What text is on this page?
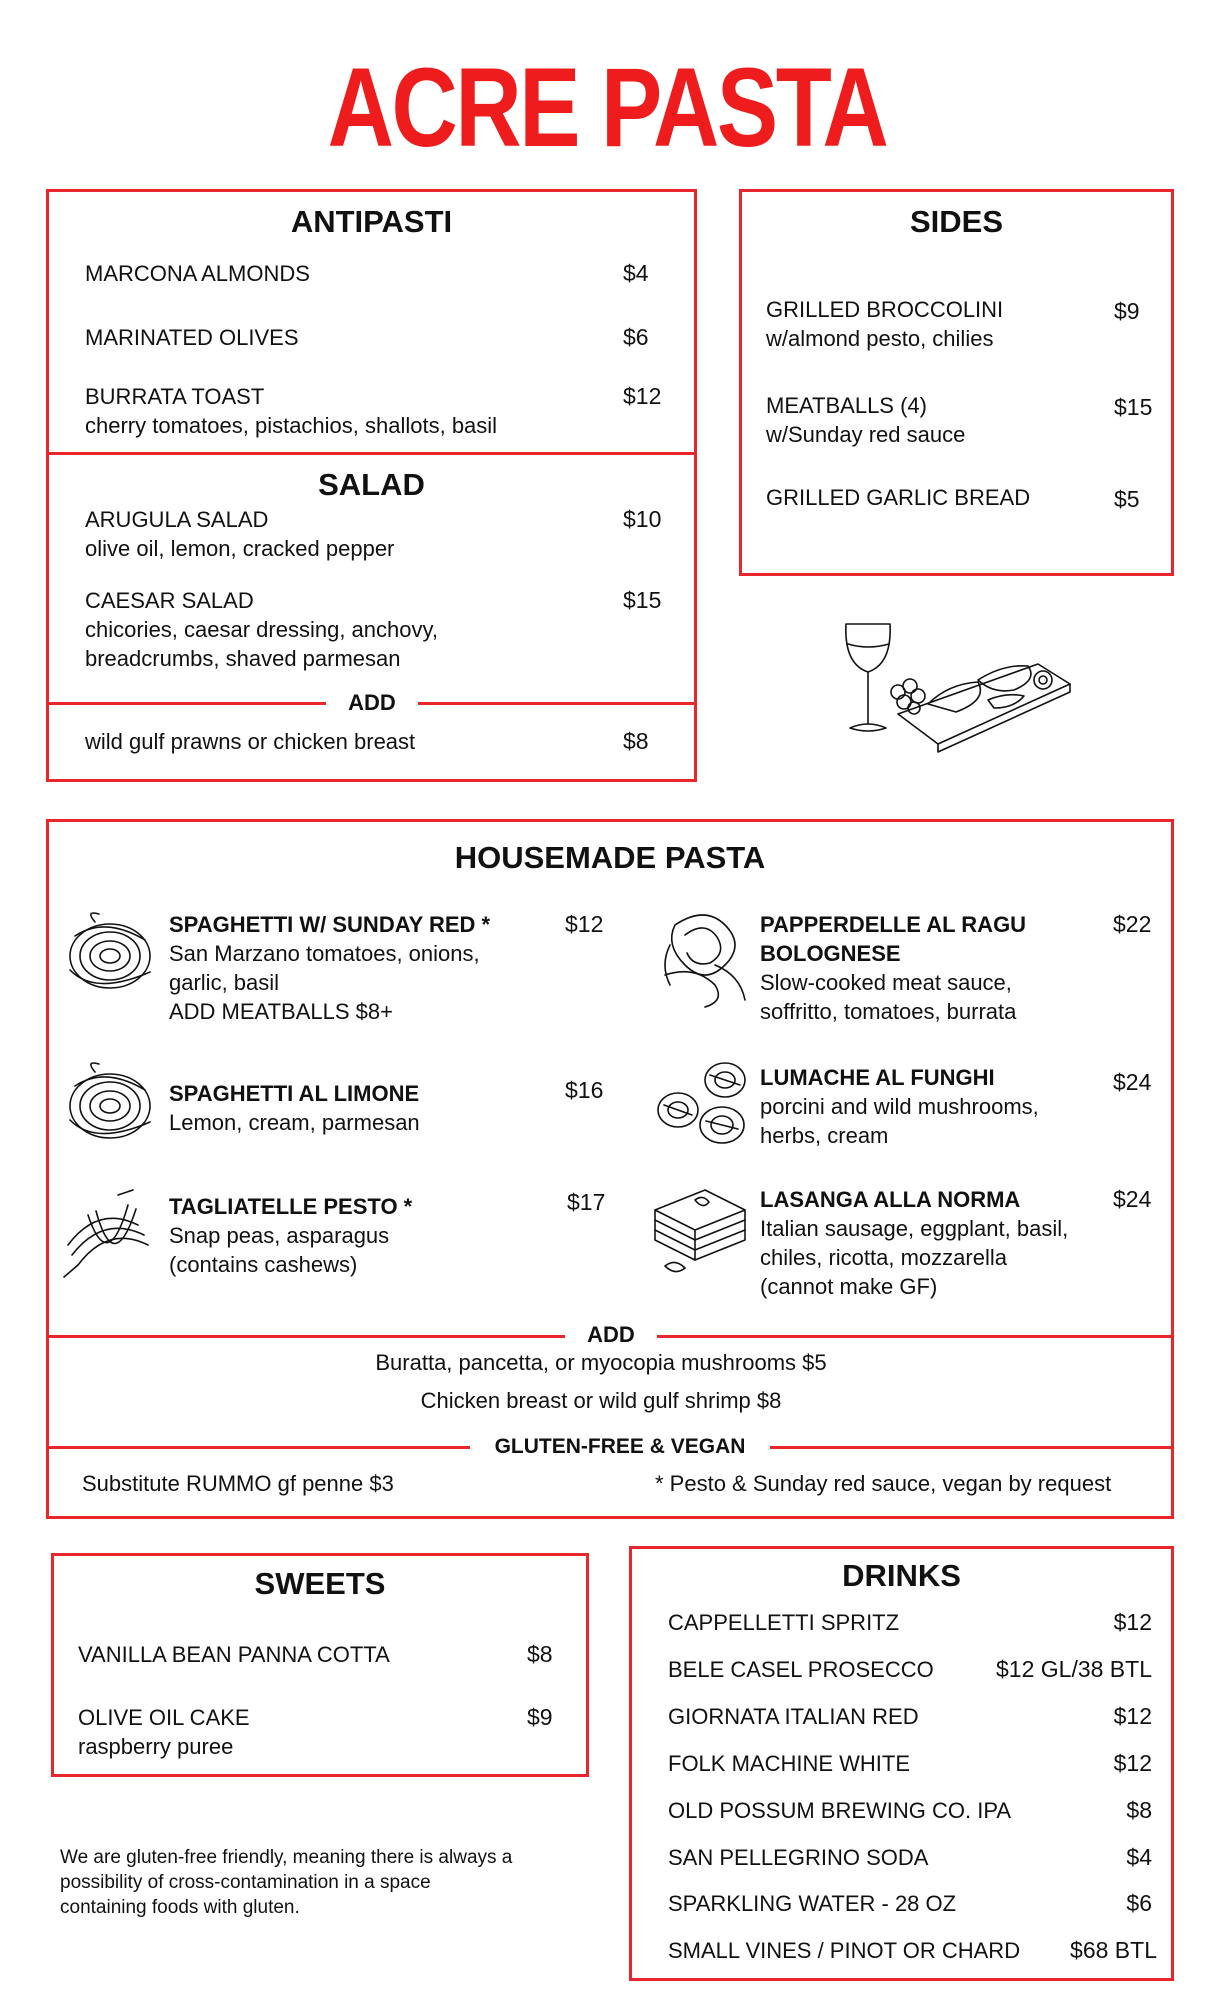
ACRE PASTA
ANTIPASTI
MARCONA ALMONDS	$4
MARINATED OLIVES	$6
BURRATA TOAST	$12
cherry tomatoes, pistachios, shallots, basil
SALAD
ARUGULA SALAD	$10
olive oil, lemon, cracked pepper
CAESAR SALAD	$15
chicories, caesar dressing, anchovy,
breadcrumbs, shaved parmesan
ADD
wild gulf prawns or chicken breast	$8
SIDES
GRILLED BROCCOLINI
w/almond pesto, chilies
$9
MEATBALLS (4)
w/Sunday red sauce
$15
GRILLED GARLIC BREAD	$5
HOUSEMADE PASTA
SPAGHETTI W/ SUNDAY RED *	$12
San Marzano tomatoes, onions,
garlic, basil
ADD MEATBALLS $8+
SPAGHETTI AL LIMONE	$16
Lemon, cream, parmesan
TAGLIATELLE PESTO *	$17
Snap peas, asparagus
(contains cashews)
PAPPERDELLE AL RAGU
BOLOGNESE
$22
Slow-cooked meat sauce,
soffritto, tomatoes, burrata
LUMACHE AL FUNGHI	$24
porcini and wild mushrooms,
herbs, cream
LASANGA ALLA NORMA	$24
Italian sausage, eggplant, basil,
chiles, ricotta, mozzarella
(cannot make GF)
ADD
Buratta, pancetta, or myocopia mushrooms $5
Chicken breast or wild gulf shrimp $8
GLUTEN-FREE & VEGAN
Substitute RUMMO gf penne $3	* Pesto & Sunday red sauce, vegan by request
SWEETS
VANILLA BEAN PANNA COTTA	$8
OLIVE OIL CAKE
raspberry puree
$9
We are gluten-free friendly, meaning there is always a
possibility of cross-contamination in a space
containing foods with gluten.
DRINKS
CAPPELLETTI SPRITZ	$12
BELE CASEL PROSECCO	$12 GL/38 BTL
GIORNATA ITALIAN RED	$12
FOLK MACHINE WHITE	$12
OLD POSSUM BREWING CO. IPA	$8
SAN PELLEGRINO SODA	$4
SPARKLING WATER - 28 OZ	$6
SMALL VINES / PINOT OR CHARD $68 BTL
